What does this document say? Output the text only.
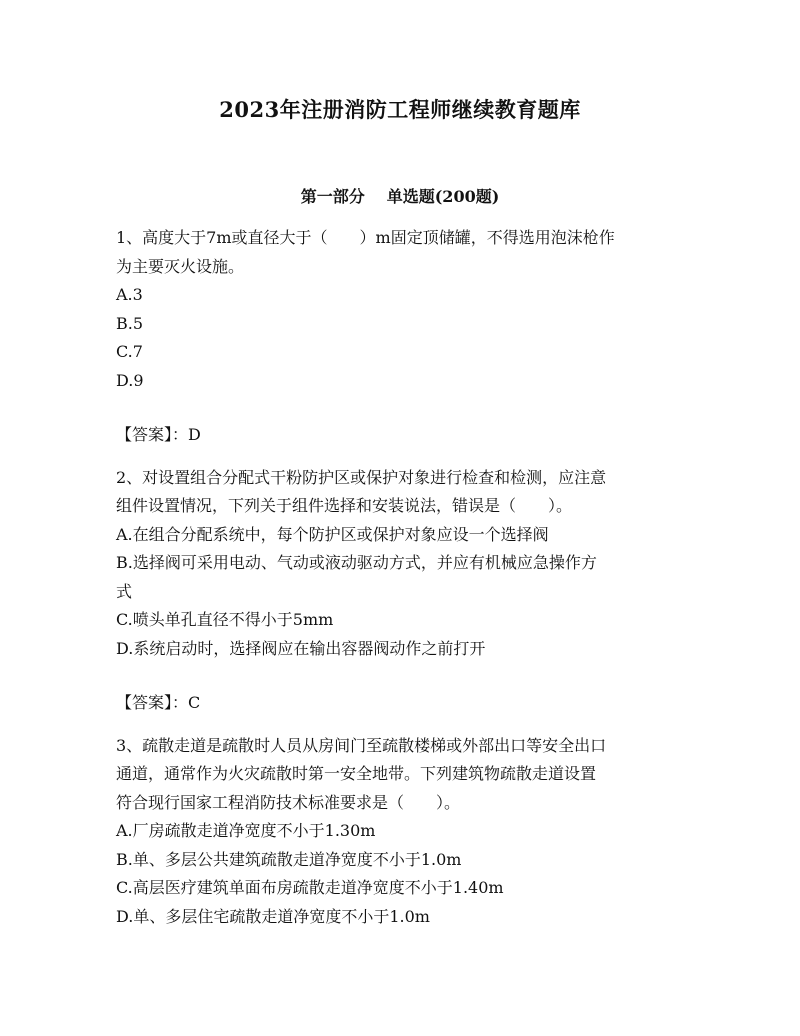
2023年注册消防工程师继续教育题库
第一部分 单选题(200题)

1、高度大于7m或直径大于（　　）m固定顶储罐，不得选用泡沫枪作

为主要灭火设施。

A.3

B.5

C.7

D.9

【答案】：D

2、对设置组合分配式干粉防护区或保护对象进行检查和检测，应注意

组件设置情况，下列关于组件选择和安装说法，错误是（　　）。

A.在组合分配系统中，每个防护区或保护对象应设一个选择阀

B.选择阀可采用电动、气动或液动驱动方式，并应有机械应急操作方

式

C.喷头单孔直径不得小于5mm

D.系统启动时，选择阀应在输出容器阀动作之前打开

【答案】：C

3、疏散走道是疏散时人员从房间门至疏散楼梯或外部出口等安全出口

通道，通常作为火灾疏散时第一安全地带。下列建筑物疏散走道设置

符合现行国家工程消防技术标准要求是（　　）。

A.厂房疏散走道净宽度不小于1.30m

B.单、多层公共建筑疏散走道净宽度不小于1.0m

C.高层医疗建筑单面布房疏散走道净宽度不小于1.40m

D.单、多层住宅疏散走道净宽度不小于1.0m
